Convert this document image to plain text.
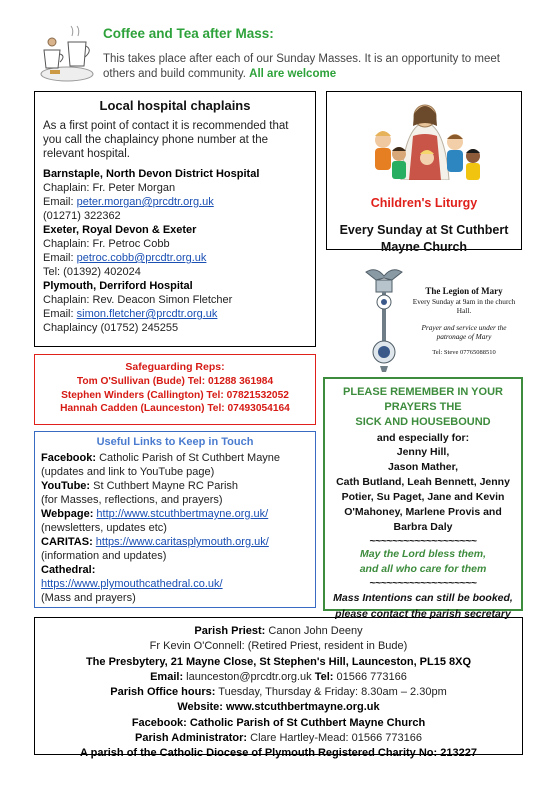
Coffee and Tea after Mass:
This takes place after each of our Sunday Masses. It is an opportunity to meet others and build community. All are welcome
Local hospital chaplains
As a first point of contact it is recommended that you call the chaplaincy phone number at the relevant hospital.
Barnstaple, North Devon District Hospital
Chaplain: Fr. Peter Morgan
Email: peter.morgan@prcdtr.org.uk
(01271) 322362
Exeter, Royal Devon & Exeter
Chaplain: Fr. Petroc Cobb
Email: petroc.cobb@prcdtr.org.uk
Tel: (01392) 402024
Plymouth, Derriford Hospital
Chaplain: Rev. Deacon Simon Fletcher
Email: simon.fletcher@prcdtr.org.uk
Chaplaincy (01752) 245255
Children's Liturgy
Every Sunday at St Cuthbert Mayne Church
The Legion of Mary
Every Sunday at 9am in the church Hall.
Prayer and service under the patronage of Mary
Tel: Steve 07765088510
Safeguarding Reps:
Tom O'Sullivan (Bude) Tel: 01288 361984
Stephen Winders (Callington) Tel: 07821532052
Hannah Cadden (Launceston) Tel: 07493054164
Useful Links to Keep in Touch
Facebook: Catholic Parish of St Cuthbert Mayne
(updates and link to YouTube page)
YouTube: St Cuthbert Mayne RC Parish
(for Masses, reflections, and prayers)
Webpage: http://www.stcuthbertmayne.org.uk/
(newsletters, updates etc)
CARITAS: https://www.caritasplymouth.org.uk/
(information and updates)
Cathedral:
https://www.plymouthcathedral.co.uk/
(Mass and prayers)
PLEASE REMEMBER IN YOUR
PRAYERS THE
SICK AND HOUSEBOUND
and especially for:
Jenny Hill,
Jason Mather,
Cath Butland, Leah Bennett, Jenny
Potier, Su Paget, Jane and Kevin
O'Mahoney, Marlene Provis and
Barbra Daly
~~~~~~~~~~~~~~~~~~~
May the Lord bless them,
and all who care for them
~~~~~~~~~~~~~~~~~~~
Mass Intentions can still be booked,
please contact the parish secretary
Parish Priest: Canon John Deeny
Fr Kevin O'Connell: (Retired Priest, resident in Bude)
The Presbytery, 21 Mayne Close, St Stephen's Hill, Launceston, PL15 8XQ
Email: launceston@prcdtr.org.uk Tel: 01566 773166
Parish Office hours: Tuesday, Thursday & Friday: 8.30am – 2.30pm
Website: www.stcuthbertmayne.org.uk
Facebook: Catholic Parish of St Cuthbert Mayne Church
Parish Administrator: Clare Hartley-Mead: 01566 773166
A parish of the Catholic Diocese of Plymouth Registered Charity No: 213227
